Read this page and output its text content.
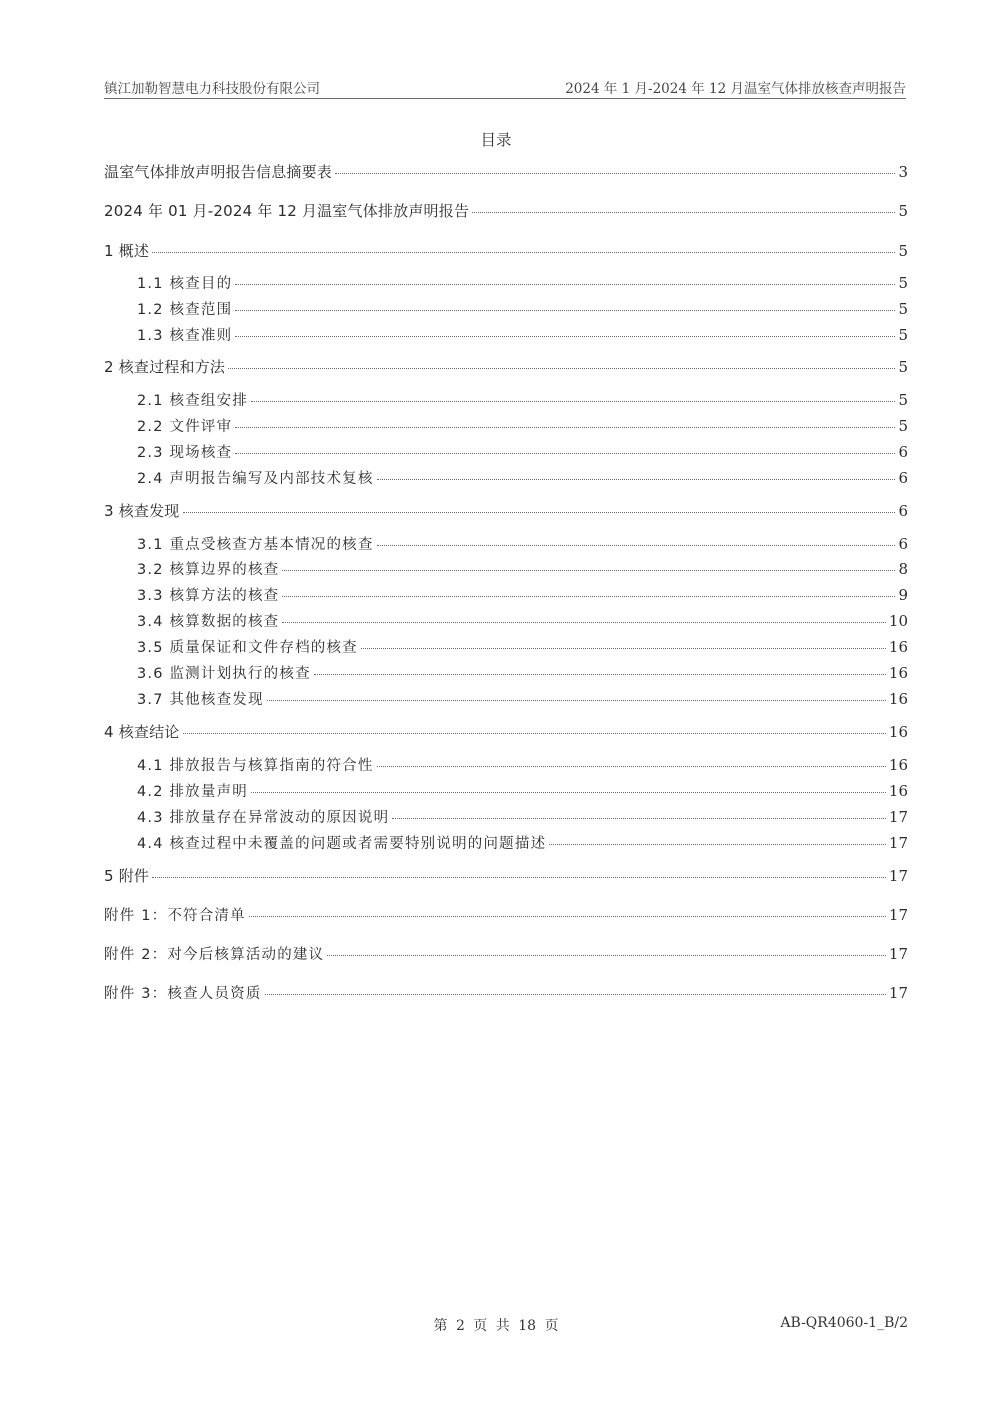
镇江加勒智慧电力科技股份有限公司	2024 年 1 月-2024 年 12 月温室气体排放核查声明报告
目录
温室气体排放声明报告信息摘要表	3
2024 年 01 月-2024 年 12 月温室气体排放声明报告	5
1 概述	5
1.1 核查目的	5
1.2 核查范围	5
1.3 核查准则	5
2 核查过程和方法	5
2.1 核查组安排	5
2.2 文件评审	5
2.3 现场核查	6
2.4 声明报告编写及内部技术复核	6
3 核查发现	6
3.1 重点受核查方基本情况的核查	6
3.2 核算边界的核查	8
3.3 核算方法的核查	9
3.4 核算数据的核查	10
3.5 质量保证和文件存档的核查	16
3.6 监测计划执行的核查	16
3.7 其他核查发现	16
4 核查结论	16
4.1 排放报告与核算指南的符合性	16
4.2 排放量声明	16
4.3 排放量存在异常波动的原因说明	17
4.4 核查过程中未覆盖的问题或者需要特别说明的问题描述	17
5 附件	17
附件 1：不符合清单	17
附件 2：对今后核算活动的建议	17
附件 3：核查人员资质	17
第 2 页 共 18 页	AB-QR4060-1_B/2
